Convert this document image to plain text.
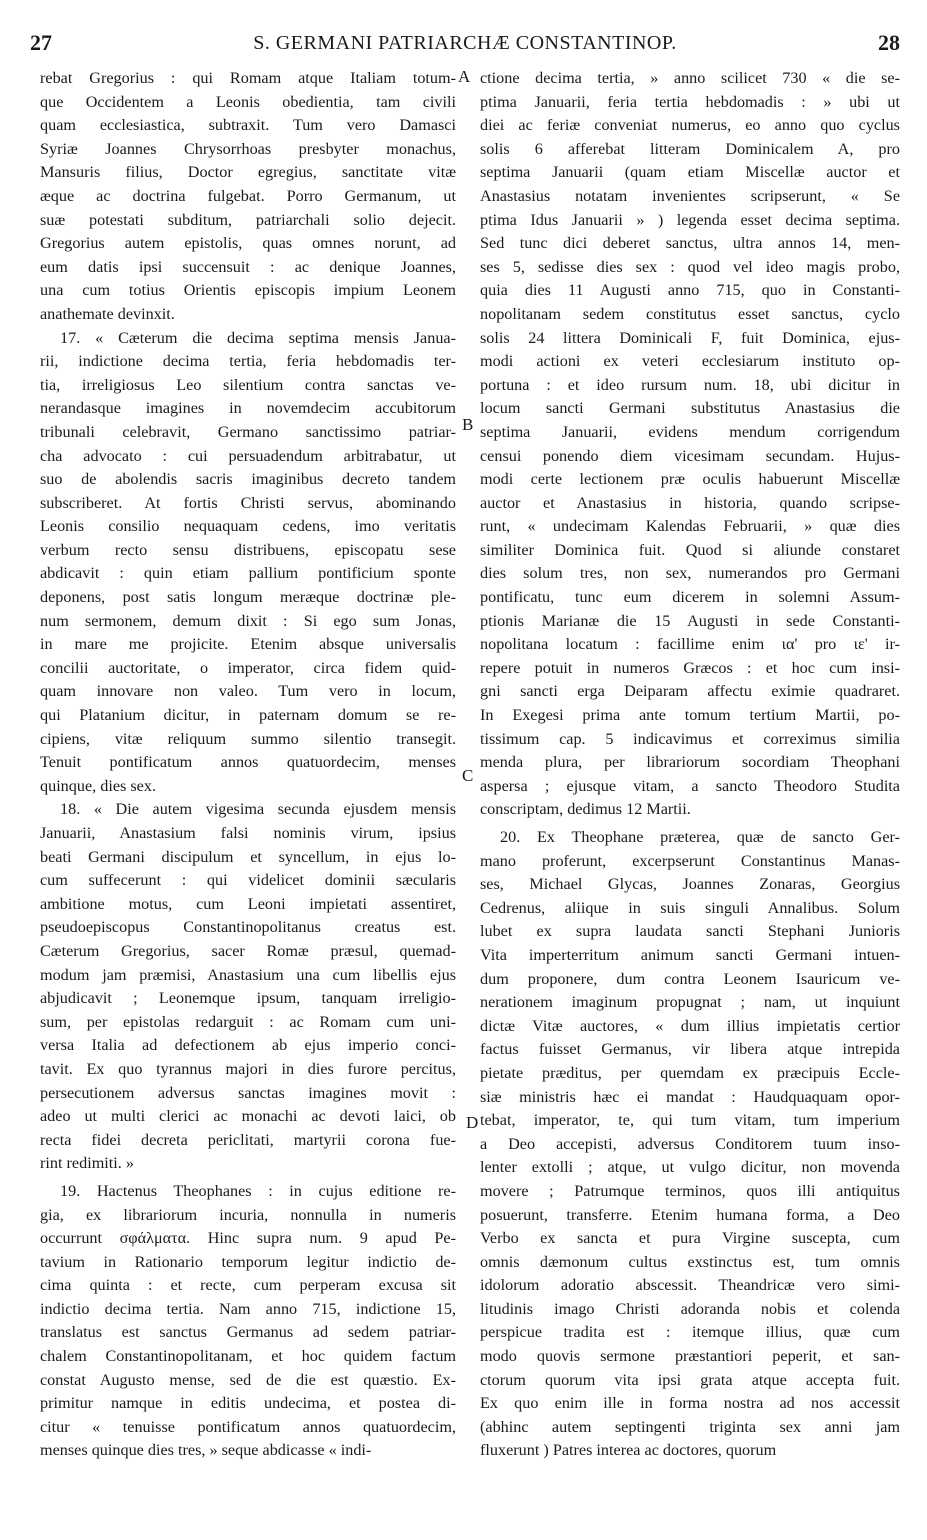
27	S. GERMANI PATRIARCHÆ CONSTANTINOP.	28
A
B
C
D
rebat Gregorius : qui Romam atque Italiam totum-
que Occidentem a Leonis obedientia, tam civili
quam ecclesiastica, subtraxit. Tum vero Damasci
Syriæ Joannes Chrysorrhoas presbyter monachus,
Mansuris filius, Doctor egregius, sanctitate vitæ
æque ac doctrina fulgebat. Porro Germanum, ut
suæ potestati subditum, patriarchali solio dejecit.
Gregorius autem epistolis, quas omnes norunt, ad
eum datis ipsi succensuit : ac denique Joannes,
una cum totius Orientis episcopis impium Leonem
anathemate devinxit.
17. « Cæterum die decima septima mensis Janua-
rii, indictione decima tertia, feria hebdomadis ter-
tia, irreligiosus Leo silentium contra sanctas ve-
nerandasque imagines in novemdecim accubitorum
tribunali celebravit, Germano sanctissimo patriar-
cha advocato : cui persuadendum arbitrabatur, ut
suo de abolendis sacris imaginibus decreto tandem
subscriberet. At fortis Christi servus, abominando
Leonis consilio nequaquam cedens, imo veritatis
verbum recto sensu distribuens, episcopatu sese
abdicavit : quin etiam pallium pontificium sponte
deponens, post satis longum meræque doctrinæ ple-
num sermonem, demum dixit : Si ego sum Jonas,
in mare me projicite. Etenim absque universalis
concilii auctoritate, o imperator, circa fidem quid-
quam innovare non valeo. Tum vero in locum,
qui Platanium dicitur, in paternam domum se re-
cipiens, vitæ reliquum summo silentio transegit.
Tenuit pontificatum annos quatuordecim, menses
quinque, dies sex.
18. « Die autem vigesima secunda ejusdem mensis
Januarii, Anastasium falsi nominis virum, ipsius
beati Germani discipulum et syncellum, in ejus lo-
cum suffecerunt : qui videlicet dominii sæcularis
ambitione motus, cum Leoni impietati assentiret,
pseudoepiscopus Constantinopolitanus creatus est.
Cæterum Gregorius, sacer Romæ præsul, quemad-
modum jam præmisi, Anastasium una cum libellis ejus
abjudicavit ; Leonemque ipsum, tanquam irreligio-
sum, per epistolas redarguit : ac Romam cum uni-
versa Italia ad defectionem ab ejus imperio conci-
tavit. Ex quo tyrannus majori in dies furore percitus,
persecutionem adversus sanctas imagines movit :
adeo ut multi clerici ac monachi ac devoti laici, ob
recta fidei decreta periclitati, martyrii corona fue-
rint redimiti. »
19. Hactenus Theophanes : in cujus editione re-
gia, ex librariorum incuria, nonnulla in numeris
occurrunt σφάλματα. Hinc supra num. 9 apud Pe-
tavium in Rationario temporum legitur indictio de-
cima quinta : et recte, cum perperam excusa sit
indictio decima tertia. Nam anno 715, indictione 15,
translatus est sanctus Germanus ad sedem patriar-
chalem Constantinopolitanam, et hoc quidem factum
constat Augusto mense, sed de die est quæstio. Ex-
primitur namque in editis undecima, et postea di-
citur « tenuisse pontificatum annos quatuordecim,
menses quinque dies tres, » seque abdicasse « indi-
ctione decima tertia, » anno scilicet 730 « die se-
ptima Januarii, feria tertia hebdomadis : » ubi ut
diei ac feriæ conveniat numerus, eo anno quo cyclus
solis 6 afferebat litteram Dominicalem A, pro
septima Januarii (quam etiam Miscellæ auctor et
Anastasius notatam invenientes scripserunt, « Se
ptima Idus Januarii » ) legenda esset decima septima.
Sed tunc dici deberet sanctus, ultra annos 14, men-
ses 5, sedisse dies sex : quod vel ideo magis probo,
quia dies 11 Augusti anno 715, quo in Constanti-
nopolitanam sedem constitutus esset sanctus, cyclo
solis 24 littera Dominicali F, fuit Dominica, ejus-
modi actioni ex veteri ecclesiarum instituto op-
portuna : et ideo rursum num. 18, ubi dicitur in
locum sancti Germani substitutus Anastasius die
septima Januarii, evidens mendum corrigendum
censui ponendo diem vicesimam secundam. Hujus-
modi certe lectionem præ oculis habuerunt Miscellæ
auctor et Anastasius in historia, quando scripse-
runt, « undecimam Kalendas Februarii, » quæ dies
similiter Dominica fuit. Quod si aliunde constaret
dies solum tres, non sex, numerandos pro Germani
pontificatu, tunc eum dicerem in solemni Assum-
ptionis Marianæ die 15 Augusti in sede Constanti-
nopolitana locatum : facillime enim ια' pro ιε' ir-
repere potuit in numeros Græcos : et hoc cum insi-
gni sancti erga Deiparam affectu eximie quadraret.
In Exegesi prima ante tomum tertium Martii, po-
tissimum cap. 5 indicavimus et correximus similia
menda plura, per librariorum socordiam Theophani
aspersa ; ejusque vitam, a sancto Theodoro Studita
conscriptam, dedimus 12 Martii.
20. Ex Theophane præterea, quæ de sancto Ger-
mano proferunt, excerpserunt Constantinus Manas-
ses, Michael Glycas, Joannes Zonaras, Georgius
Cedrenus, aliique in suis singuli Annalibus. Solum
lubet ex supra laudata sancti Stephani Junioris
Vita imperterritum animum sancti Germani intuen-
dum proponere, dum contra Leonem Isauricum ve-
nerationem imaginum propugnat ; nam, ut inquiunt
dictæ Vitæ auctores, « dum illius impietatis certior
factus fuisset Germanus, vir libera atque intrepida
pietate præditus, per quemdam ex præcipuis Eccle-
siæ ministris hæc ei mandat : Haudquaquam opor-
tebat, imperator, te, qui tum vitam, tum imperium
a Deo accepisti, adversus Conditorem tuum inso-
lenter extolli ; atque, ut vulgo dicitur, non movenda
movere ; Patrumque terminos, quos illi antiquitus
posuerunt, transferre. Etenim humana forma, a Deo
Verbo ex sancta et pura Virgine suscepta, cum
omnis dæmonum cultus exstinctus est, tum omnis
idolorum adoratio abscessit. Theandricæ vero simi-
litudinis imago Christi adoranda nobis et colenda
perspicue tradita est : itemque illius, quæ cum
modo quovis sermone præstantiori peperit, et san-
ctorum quorum vita ipsi grata atque accepta fuit.
Ex quo enim ille in forma nostra ad nos accessit
(abhinc autem septingenti triginta sex anni jam
fluxerunt ) Patres interea ac doctores, quorum
